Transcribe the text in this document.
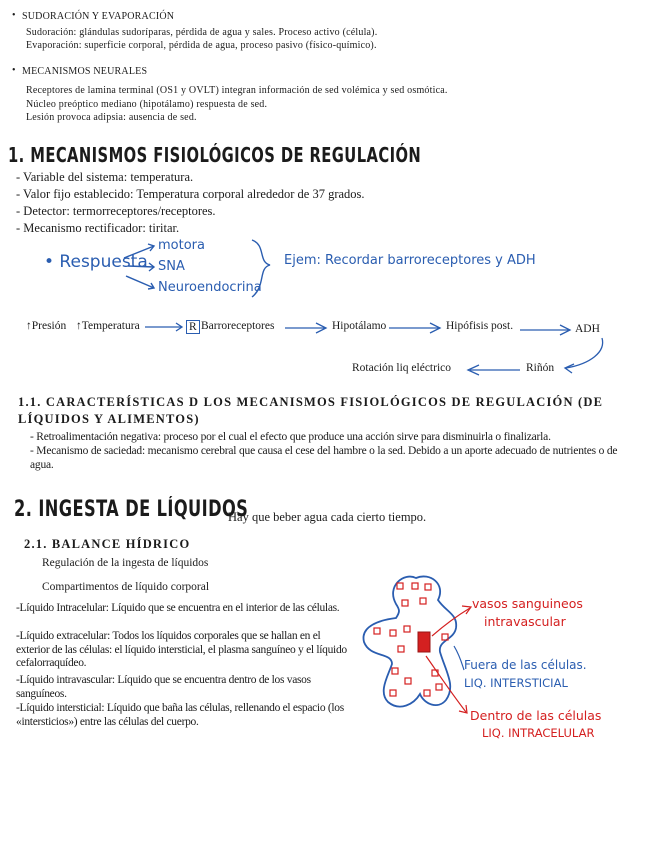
• SUDORACIÓN Y EVAPORACIÓN
Sudoración: glándulas sudoríparas, pérdida de agua y sales. Proceso activo (célula).
Evaporación: superficie corporal, pérdida de agua, proceso pasivo (físico-químico).
• MECANISMOS NEURALES
Receptores de lamina terminal (OS1 y OVLT) integran información de sed volémica y sed osmótica.
Núcleo preóptico mediano (hipotálamo) respuesta de sed.
Lesión provoca adipsia: ausencia de sed.
1. MECANISMOS FISIOLÓGICOS DE REGULACIÓN
- Variable del sistema: temperatura.
- Valor fijo establecido: Temperatura corporal alrededor de 37 grados.
- Detector: termorreceptores/receptores.
- Mecanismo rectificador: tiritar.
• Respuesta
motora
SNA
Neuroendocrina
Ejem: Recordar barroreceptores y ADH
↑Presión ↑Temperatura	R Barroreceptores	Hipotálamo	Hipófisis post.	ADH
Riñón
Rotación liq eléctrico
1.1. CARACTERÍSTICAS D LOS MECANISMOS FISIOLÓGICOS DE REGULACIÓN (DE LÍQUIDOS Y ALIMENTOS)
- Retroalimentación negativa: proceso por el cual el efecto que produce una acción sirve para disminuirla o finalizarla.
- Mecanismo de saciedad: mecanismo cerebral que causa el cese del hambre o la sed. Debido a un aporte adecuado de nutrientes o de agua.
2. INGESTA DE LÍQUIDOS
Hay que beber agua cada cierto tiempo.
2.1. BALANCE HÍDRICO
Regulación de la ingesta de líquidos
Compartimentos de líquido corporal
-Líquido Intracelular: Líquido que se encuentra en el interior de las células.
-Líquido extracelular: Todos los líquidos corporales que se hallan en el exterior de las células: el líquido intersticial, el plasma sanguíneo y el líquido cefalorraquídeo.
-Líquido intravascular: Líquido que se encuentra dentro de los vasos sanguíneos.
-Líquido intersticial: Líquido que baña las células, rellenando el espacio (los «intersticios») entre las células del cuerpo.
vasos sanguineos
intravascular
Fuera de las células.
LIQ. INTERSTICIAL
Dentro de las células
LIQ. INTRACELULAR
